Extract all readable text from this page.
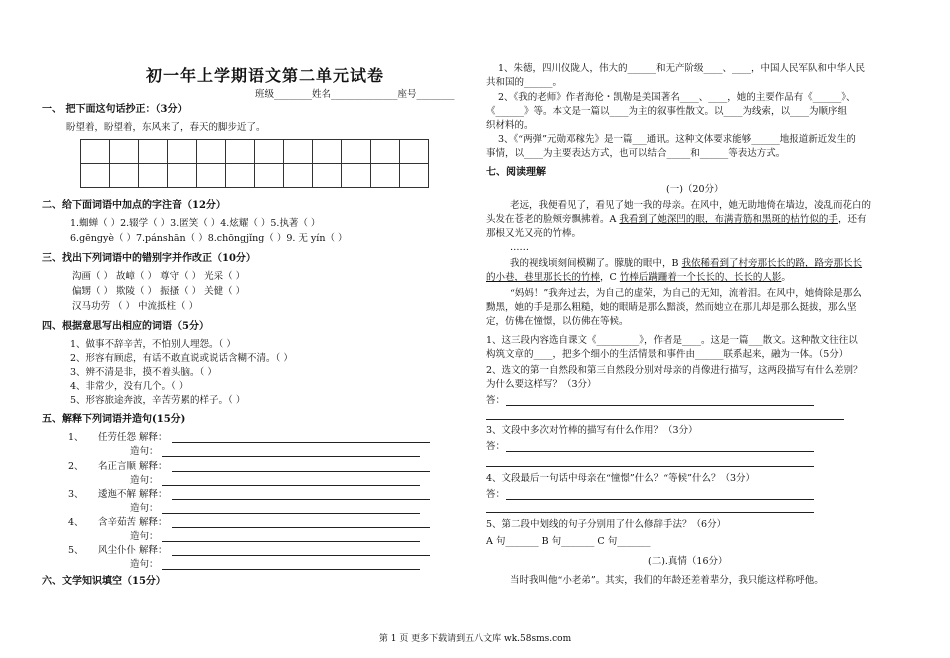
初一年上学期语文第二单元试卷
班级________姓名______________座号________
一、 把下面这句话抄正：（3分）
盼望着，盼望着，东风来了，春天的脚步近了。

二、给下面词语中加点的字注音（12分）
1.蜘蝉（ ）2.辍学（ ）3.匿笑（ ）4.炫耀（ ）5.执著（ ）
6.gēngyè（ ）7.pánshān（ ）8.chōngjǐng（ ）9. 无 yín（ ）
三、找出下列词语中的错别字并作改正（10分）
沟画（ ） 故嶂（ ） 尊守（ ） 光采（ ）
偏甥（ ） 欺陵（ ） 振搔（ ） 关健（ ）
汉马功劳 （ ） 中流抵柱（ ）
四、根据意思写出相应的词语（5分）
1、做事不辞辛苦，不怕别人埋怨。（ ）
2、形容有顾虑，有话不敢直说或说话含糊不清。（ ）
3、辨不清是非，摸不着头脑。（ ）
4、非常少，没有几个。（ ）
5、形容旅途奔波，辛苦劳累的样子。（ ）
五、解释下列词语并造句(15分)
1、 任劳任怨 解释：
造句：
2、 名正言顺 解释：
造句：
3、 逶迤不解 解释：
造句：
4、 含辛茹苦 解释：
造句：
5、 风尘仆仆 解释：
造句：
六、文学知识填空（15分）
1、朱德，四川仪陇人，伟大的______和无产阶级____、____，中国人民军队和中华人民
共和国的______。
2、《我的老师》作者海伦・凯勒是美国著名____、____，她的主要作品有《______》、
《______》等。本文是一篇以____为主的叙事性散文。以____为线索，以____为顺序组
织材料的。
3、《“两弹”元勋邓稼先》是一篇___通讯。这种文体要求能够______地报道新近发生的
事情，以____为主要表达方式，也可以结合_____和______等表达方式。
七、阅读理解
(一)（20分）
老远，我便看见了，看见了她一我的母亲。在风中，她无助地倚在墙边，凌乱而花白的
头发在苍老的脸颊旁飘拂着。A 我看到了她深凹的眼，布满青筋和黑斑的枯竹似的手，还有
那根又光又亮的竹棒。
……
我的视线顷刻间模糊了。朦胧的眼中，B 我依稀看到了村旁那长长的路，路旁那长长
的小巷，巷里那长长的竹棒，C 竹棒后蹒跚着一个长长的、长长的人影。
“妈妈！”我奔过去，为自己的虚荣，为自己的无知，流着泪。在风中，她倚除是那么
黝黑，她的手是那么粗糙，她的眼睛是那么黯淡，然而她立在那儿却是那么挺拔，那么坚
定，仿佛在憧憬，以仿佛在等候。
1、这三段内容选自课文《_________》，作者是____。这是一篇___散文。这种散文往往以
构筑文章的____，把多个细小的生活情景和事件由______联系起来，融为一体。（5分）
2、选文的第一自然段和第三自然段分别对母亲的肖像进行描写，这两段描写有什么差别？
为什么要这样写？（3分）
答：
3、文段中多次对竹棒的描写有什么作用？（3分）
答：
4、文段最后一句话中母亲在“憧憬”什么？“等候”什么？（3分）
答：
5、第二段中划线的句子分别用了什么修辞手法？（6分）
A 句_______ B 句_______ C 句_______
(二).真情（16分）
当时我叫他“小老弟”。其实，我们的年龄还差着辈分，我只能这样称呼他。
第 1 页 更多下载请到五八文库 wk.58sms.com
